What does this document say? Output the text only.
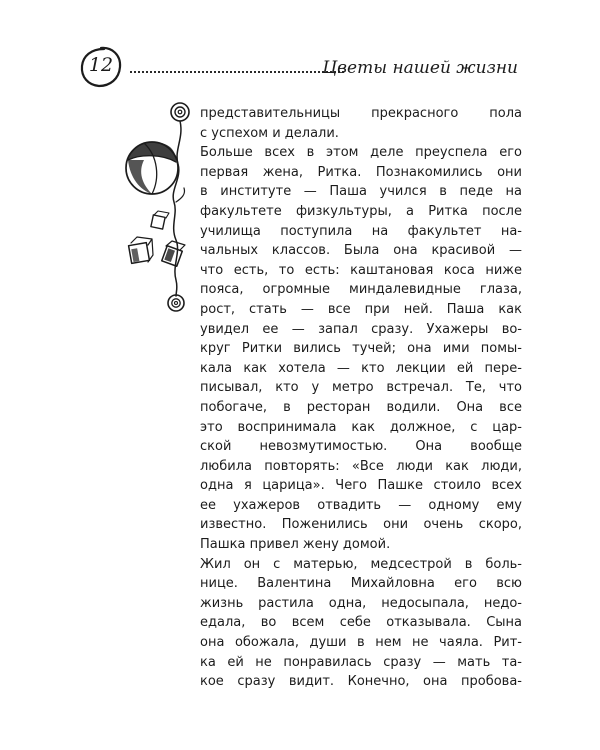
12	Цветы нашей жизни
представительницы прекрасного пола
с успехом и делали.
Больше всех в этом деле преуспела его
первая жена, Ритка. Познакомились они
в институте — Паша учился в педе на
факультете физкультуры, а Ритка после
училища поступила на факультет на-
чальных классов. Была она красивой —
что есть, то есть: каштановая коса ниже
пояса, огромные миндалевидные глаза,
рост, стать — все при ней. Паша как
увидел ее — запал сразу. Ухажеры во-
круг Ритки вились тучей; она ими помы-
кала как хотела — кто лекции ей пере-
писывал, кто у метро встречал. Те, что
побогаче, в ресторан водили. Она все
это воспринимала как должное, с цар-
ской невозмутимостью. Она вообще
любила повторять: «Все люди как люди,
одна я царица». Чего Пашке стоило всех
ее ухажеров отвадить — одному ему
известно. Поженились они очень скоро,
Пашка привел жену домой.
Жил он с матерью, медсестрой в боль-
нице. Валентина Михайловна его всю
жизнь растила одна, недосыпала, недо-
едала, во всем себе отказывала. Сына
она обожала, души в нем не чаяла. Рит-
ка ей не понравилась сразу — мать та-
кое сразу видит. Конечно, она пробова-
